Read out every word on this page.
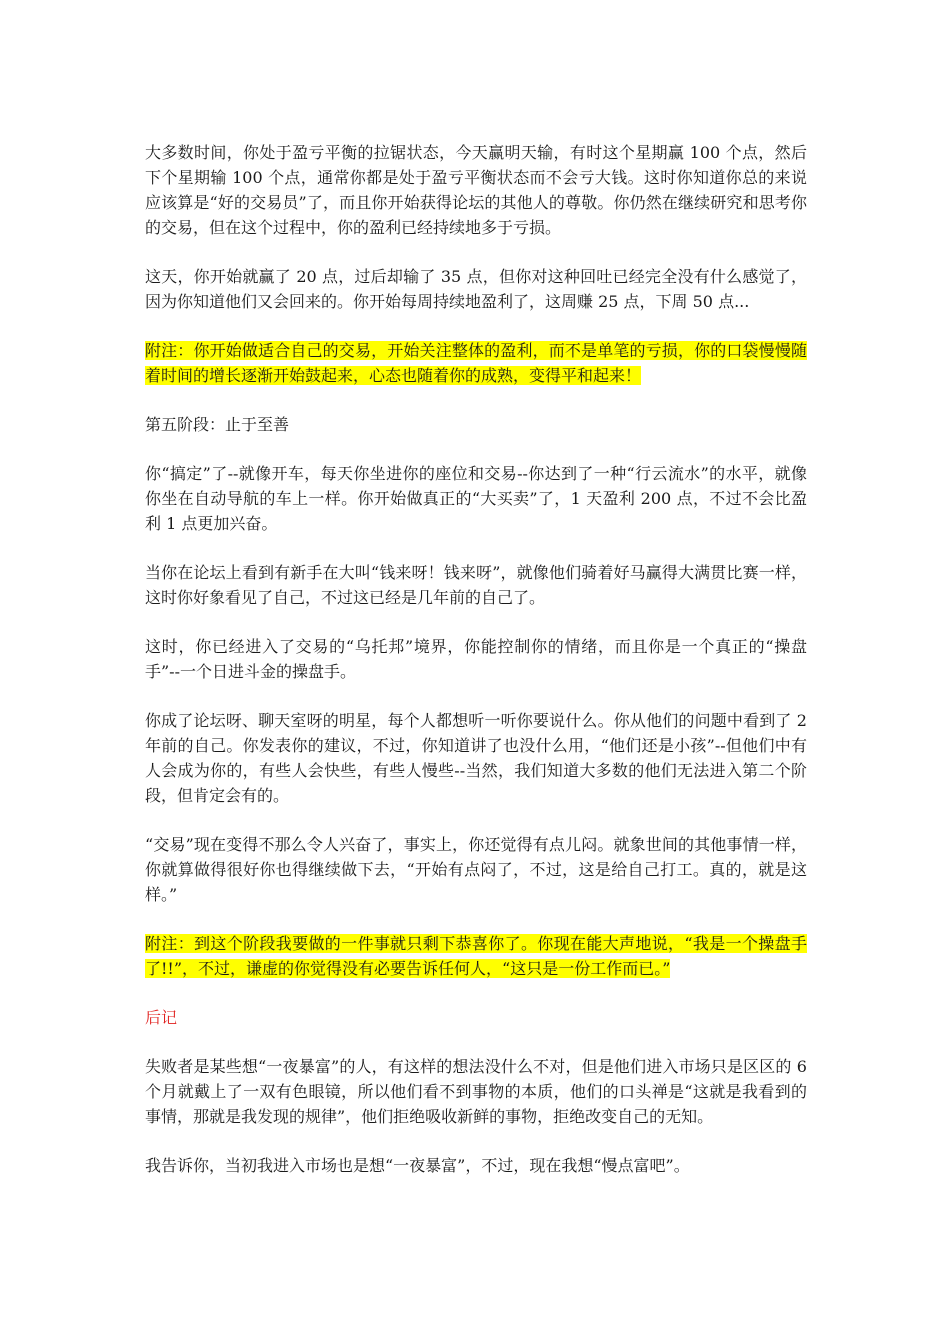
大多数时间，你处于盈亏平衡的拉锯状态，今天赢明天输，有时这个星期赢 100 个点，然后下个星期输 100 个点，通常你都是处于盈亏平衡状态而不会亏大钱。这时你知道你总的来说应该算是“好的交易员”了，而且你开始获得论坛的其他人的尊敬。你仍然在继续研究和思考你的交易，但在这个过程中，你的盈利已经持续地多于亏损。

这天，你开始就赢了 20 点，过后却输了 35 点，但你对这种回吐已经完全没有什么感觉了，因为你知道他们又会回来的。你开始每周持续地盈利了，这周赚 25 点，下周 50 点...

附注：你开始做适合自己的交易，开始关注整体的盈利，而不是单笔的亏损，你的口袋慢慢随着时间的增长逐渐开始鼓起来，心态也随着你的成熟，变得平和起来！

第五阶段：止于至善

你“搞定”了--就像开车，每天你坐进你的座位和交易--你达到了一种“行云流水”的水平，就像你坐在自动导航的车上一样。你开始做真正的“大买卖”了，1 天盈利 200 点，不过不会比盈利 1 点更加兴奋。

当你在论坛上看到有新手在大叫“钱来呀！钱来呀”，就像他们骑着好马赢得大满贯比赛一样，这时你好象看见了自己，不过这已经是几年前的自己了。

这时，你已经进入了交易的“乌托邦”境界，你能控制你的情绪，而且你是一个真正的“操盘手”--一个日进斗金的操盘手。

你成了论坛呀、聊天室呀的明星，每个人都想听一听你要说什么。你从他们的问题中看到了 2 年前的自己。你发表你的建议，不过，你知道讲了也没什么用，“他们还是小孩”--但他们中有人会成为你的，有些人会快些，有些人慢些--当然，我们知道大多数的他们无法进入第二个阶段，但肯定会有的。

“交易”现在变得不那么令人兴奋了，事实上，你还觉得有点儿闷。就象世间的其他事情一样，你就算做得很好你也得继续做下去，“开始有点闷了，不过，这是给自己打工。真的，就是这样。”

附注：到这个阶段我要做的一件事就只剩下恭喜你了。你现在能大声地说，“我是一个操盘手了!!”，不过，谦虚的你觉得没有必要告诉任何人，“这只是一份工作而已。”

后记

失败者是某些想“一夜暴富”的人，有这样的想法没什么不对，但是他们进入市场只是区区的 6 个月就戴上了一双有色眼镜，所以他们看不到事物的本质，他们的口头禅是“这就是我看到的事情，那就是我发现的规律”，他们拒绝吸收新鲜的事物，拒绝改变自己的无知。

我告诉你，当初我进入市场也是想“一夜暴富”，不过，现在我想“慢点富吧”。
